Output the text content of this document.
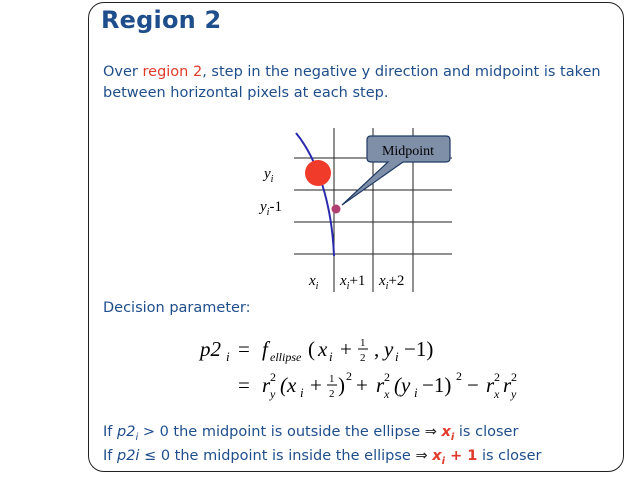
Region 2
Over region 2, step in the negative y direction and midpoint is taken between horizontal pixels at each step.
Midpoint
$y_i$
$y_i-1$
$x_i$ $x_i+1$ $x_i+2$
p2 i = f ellipse ( x i + 1
2 , y i −1)
= r 2
y (x i + 1
2 ) 2 + r 2
x (y i −1) 2 − r 2
x r 2
y
Decision parameter:
If $p2_i > 0$ the midpoint is outside the ellipse ⇒ $x_i$ is closer
If p2i ≤ 0 the midpoint is inside the ellipse ⇒ $x_i + 1$ is closer
